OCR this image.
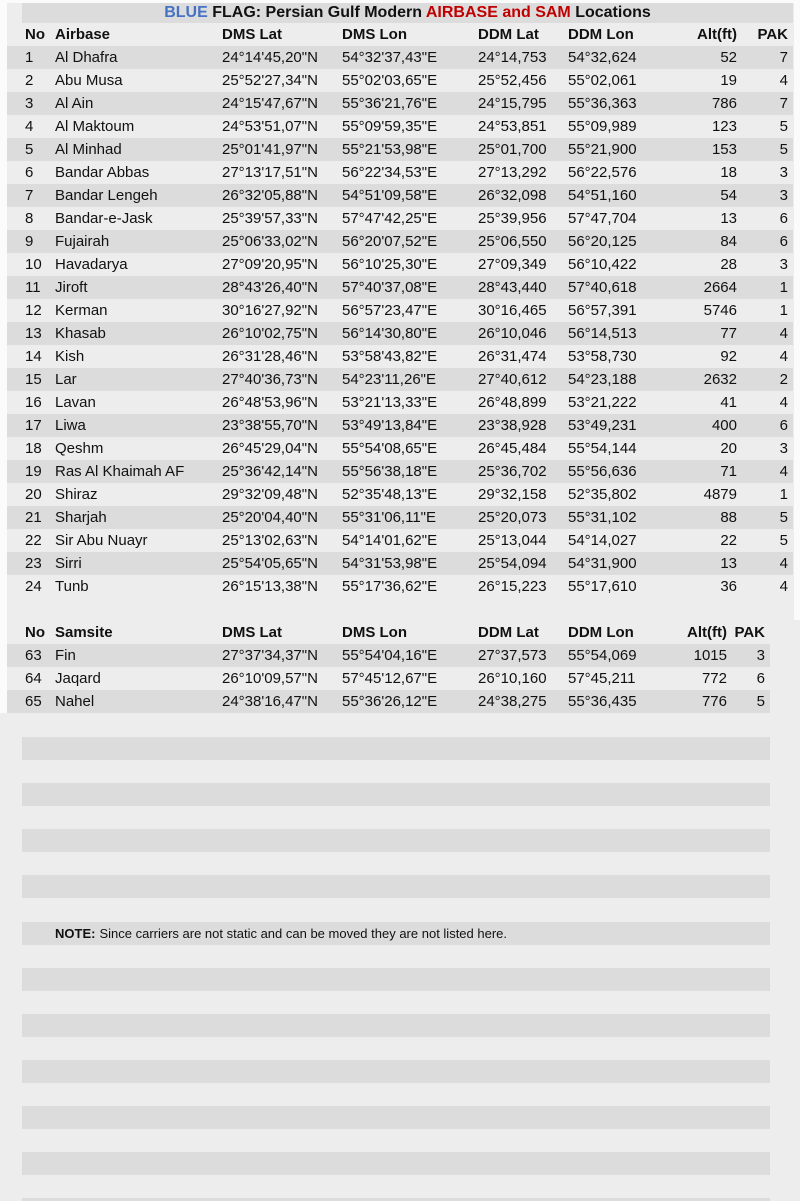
BLUE FLAG: Persian Gulf Modern AIRBASE and SAM Locations
No	Airbase	DMS Lat	DMS Lon	DDM Lat	DDM Lon	Alt(ft)	PAK
1	Al Dhafra	24°14'45,20"N	54°32'37,43"E	24°14,753	54°32,624	52	7
2	Abu Musa	25°52'27,34"N	55°02'03,65"E	25°52,456	55°02,061	19	4
3	Al Ain	24°15'47,67"N	55°36'21,76"E	24°15,795	55°36,363	786	7
4	Al Maktoum	24°53'51,07"N	55°09'59,35"E	24°53,851	55°09,989	123	5
5	Al Minhad	25°01'41,97"N	55°21'53,98"E	25°01,700	55°21,900	153	5
6	Bandar Abbas	27°13'17,51"N	56°22'34,53"E	27°13,292	56°22,576	18	3
7	Bandar Lengeh	26°32'05,88"N	54°51'09,58"E	26°32,098	54°51,160	54	3
8	Bandar-e-Jask	25°39'57,33"N	57°47'42,25"E	25°39,956	57°47,704	13	6
9	Fujairah	25°06'33,02"N	56°20'07,52"E	25°06,550	56°20,125	84	6
10	Havadarya	27°09'20,95"N	56°10'25,30"E	27°09,349	56°10,422	28	3
11	Jiroft	28°43'26,40"N	57°40'37,08"E	28°43,440	57°40,618	2664	1
12	Kerman	30°16'27,92"N	56°57'23,47"E	30°16,465	56°57,391	5746	1
13	Khasab	26°10'02,75"N	56°14'30,80"E	26°10,046	56°14,513	77	4
14	Kish	26°31'28,46"N	53°58'43,82"E	26°31,474	53°58,730	92	4
15	Lar	27°40'36,73"N	54°23'11,26"E	27°40,612	54°23,188	2632	2
16	Lavan	26°48'53,96"N	53°21'13,33"E	26°48,899	53°21,222	41	4
17	Liwa	23°38'55,70"N	53°49'13,84"E	23°38,928	53°49,231	400	6
18	Qeshm	26°45'29,04"N	55°54'08,65"E	26°45,484	55°54,144	20	3
19	Ras Al Khaimah AF	25°36'42,14"N	55°56'38,18"E	25°36,702	55°56,636	71	4
20	Shiraz	29°32'09,48"N	52°35'48,13"E	29°32,158	52°35,802	4879	1
21	Sharjah	25°20'04,40"N	55°31'06,11"E	25°20,073	55°31,102	88	5
22	Sir Abu Nuayr	25°13'02,63"N	54°14'01,62"E	25°13,044	54°14,027	22	5
23	Sirri	25°54'05,65"N	54°31'53,98"E	25°54,094	54°31,900	13	4
24	Tunb	26°15'13,38"N	55°17'36,62"E	26°15,223	55°17,610	36	4
No	Samsite	DMS Lat	DMS Lon	DDM Lat	DDM Lon	Alt(ft)	PAK
63	Fin	27°37'34,37"N	55°54'04,16"E	27°37,573	55°54,069	1015	3
64	Jaqard	26°10'09,57"N	57°45'12,67"E	26°10,160	57°45,211	772	6
65	Nahel	24°38'16,47"N	55°36'26,12"E	24°38,275	55°36,435	776	5
NOTE: Since carriers are not static and can be moved they are not listed here.
